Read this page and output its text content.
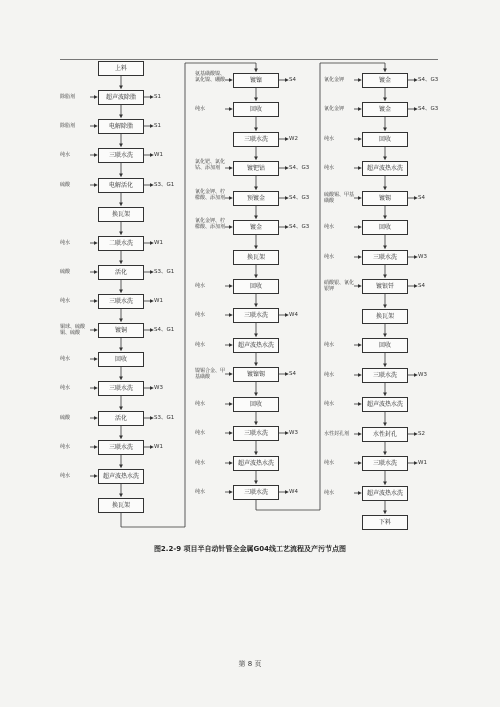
图2.2-9 项目半自动针管全金属G04线工艺流程及产污节点图
第 8 页
上料
超声波除脂
除脂剂	S1
电解除脂
除脂剂	S1
三联水洗
纯水	W1
电解活化
硫酸	S3、G1
换瓦架
二联水洗
纯水	W1
活化
硫酸	S3、G1
三联水洗
纯水	W1
镀铜
铜球、硫酸铜、硫酸	S4、G1
回收
纯水
三联水洗
纯水	W3
活化
硫酸	S3、G1
三联水洗
纯水	W1
超声波热水洗
纯水
换瓦架
镀镍
氨基磺酸镍、氯化镍、硼酸	S4
回收
纯水
三联水洗	W2
镀钯钴
氯化钯、氯化钴、添加剂	S4、G3
预镀金
氰化金钾、柠檬酸、添加剂	S4、G3
镀金
氰化金钾、柠檬酸、添加剂	S4、G3
换瓦架
回收
纯水
三联水洗
纯水	W4
超声波热水洗
纯水
镀镍锡
镍锡合金、甲基磺酸	S4
回收
纯水
三联水洗
纯水	W3
超声波热水洗
纯水
三联水洗
纯水	W4
镀金
氰化金钾	S4、G3
镀金
氰化金钾	S4、G3
回收
纯水
超声波热水洗
纯水
镀锡
硫酸锡、甲基磺酸	S4
回收
纯水
三联水洗
纯水	W3
镀银钎
硝酸银、氰化银钾	S4
换瓦架
回收
纯水
三联水洗
纯水	W3
超声波热水洗
纯水
水性封孔
水性封孔剂	S2
三联水洗
纯水	W1
超声波热水洗
纯水
下料
